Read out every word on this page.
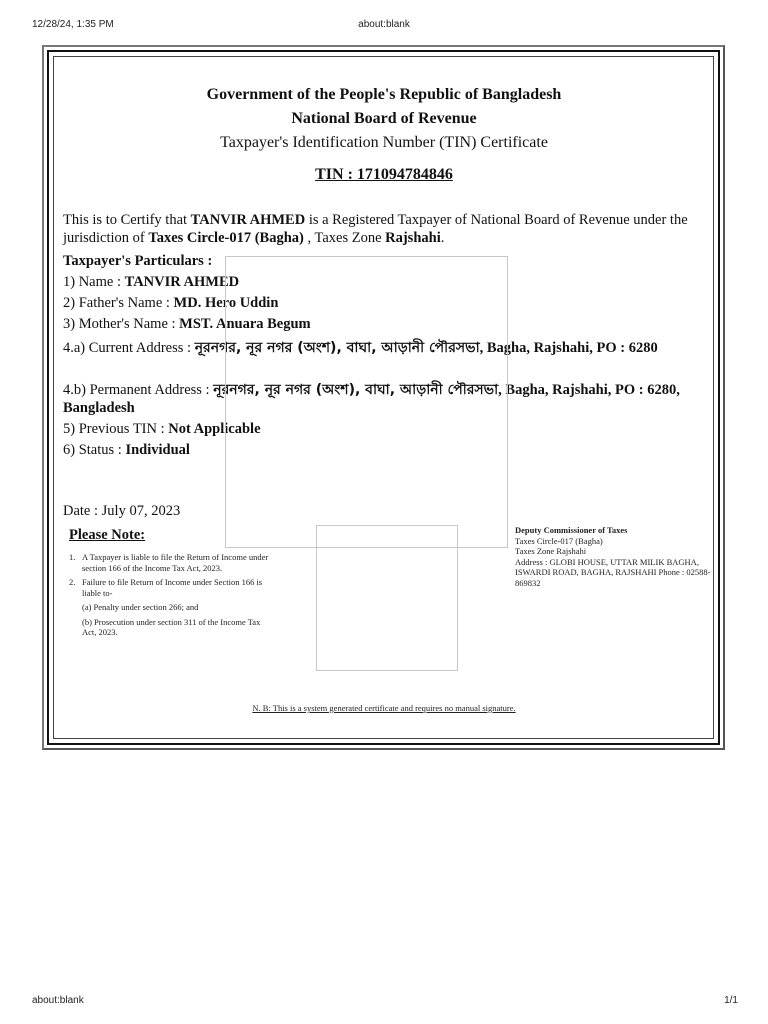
12/28/24, 1:35 PM	about:blank
Government of the People's Republic of Bangladesh
National Board of Revenue
Taxpayer's Identification Number (TIN) Certificate
TIN : 171094784846
This is to Certify that TANVIR AHMED is a Registered Taxpayer of National Board of Revenue under the jurisdiction of Taxes Circle-017 (Bagha) , Taxes Zone Rajshahi.
Taxpayer's Particulars :
1) Name : TANVIR AHMED
2) Father's Name : MD. Hero Uddin
3) Mother's Name : MST. Anuara Begum
4.a) Current Address : নূরনগর, নূর নগর (অংশ), বাঘা, আড়ানী পৌরসভা, Bagha, Rajshahi, PO : 6280
4.b) Permanent Address : নূরনগর, নূর নগর (অংশ), বাঘা, আড়ানী পৌরসভা, Bagha, Rajshahi, PO : 6280, Bangladesh
5) Previous TIN : Not Applicable
6) Status : Individual
Date : July 07, 2023
Please Note:
1. A Taxpayer is liable to file the Return of Income under section 166 of the Income Tax Act, 2023.
2. Failure to file Return of Income under Section 166 is liable to-
(a) Penalty under section 266; and
(b) Prosecution under section 311 of the Income Tax Act, 2023.
Deputy Commissioner of Taxes
Taxes Circle-017 (Bagha)
Taxes Zone Rajshahi
Address : GLOBI HOUSE, UTTAR MILIK BAGHA, ISWARDI ROAD, BAGHA, RAJSHAHI Phone : 02588-869832
N. B: This is a system generated certificate and requires no manual signature.
about:blank	1/1
